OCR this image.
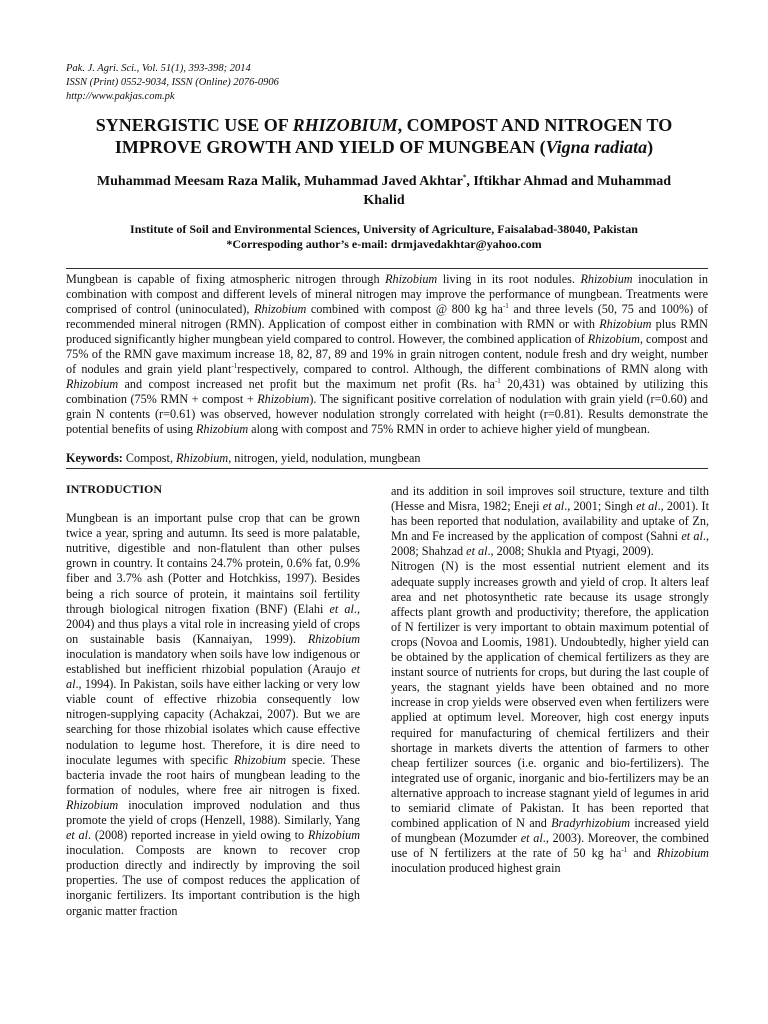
Pak. J. Agri. Sci., Vol. 51(1), 393-398; 2014
ISSN (Print) 0552-9034, ISSN (Online) 2076-0906
http://www.pakjas.com.pk
SYNERGISTIC USE OF RHIZOBIUM, COMPOST AND NITROGEN TO IMPROVE GROWTH AND YIELD OF MUNGBEAN (Vigna radiata)
Muhammad Meesam Raza Malik, Muhammad Javed Akhtar*, Iftikhar Ahmad and Muhammad Khalid
Institute of Soil and Environmental Sciences, University of Agriculture, Faisalabad-38040, Pakistan
*Correspoding author’s e-mail: drmjavedakhtar@yahoo.com

Mungbean is capable of fixing atmospheric nitrogen through Rhizobium living in its root nodules. Rhizobium inoculation in combination with compost and different levels of mineral nitrogen may improve the performance of mungbean. Treatments were comprised of control (uninoculated), Rhizobium combined with compost @ 800 kg $ha^{-1}$ and three levels (50, 75 and 100%) of recommended mineral nitrogen (RMN). Application of compost either in combination with RMN or with Rhizobium plus RMN produced significantly higher mungbean yield compared to control. However, the combined application of Rhizobium, compost and 75% of the RMN gave maximum increase 18, 82, 87, 89 and 19% in grain nitrogen content, nodule fresh and dry weight, number of nodules and grain yield plant$^{-1}$respectively, compared to control. Although, the different combinations of RMN along with Rhizobium and compost increased net profit but the maximum net profit (Rs. $ha^{-1}$ 20,431) was obtained by utilizing this combination (75% RMN + compost + Rhizobium). The significant positive correlation of nodulation with grain yield (r=0.60) and grain N contents (r=0.61) was observed, however nodulation strongly correlated with height (r=0.81). Results demonstrate the potential benefits of using Rhizobium along with compost and 75% RMN in order to achieve higher yield of mungbean.

Keywords: Compost, Rhizobium, nitrogen, yield, nodulation, mungbean

INTRODUCTION

Mungbean is an important pulse crop that can be grown twice a year, spring and autumn. Its seed is more palatable, nutritive, digestible and non-flatulent than other pulses grown in country. It contains 24.7% protein, 0.6% fat, 0.9% fiber and 3.7% ash (Potter and Hotchkiss, 1997). Besides being a rich source of protein, it maintains soil fertility through biological nitrogen fixation (BNF) (Elahi et al., 2004) and thus plays a vital role in increasing yield of crops on sustainable basis (Kannaiyan, 1999). Rhizobium inoculation is mandatory when soils have low indigenous or established but inefficient rhizobial population (Araujo et al., 1994). In Pakistan, soils have either lacking or very low viable count of effective rhizobia consequently low nitrogen-supplying capacity (Achakzai, 2007). But we are searching for those rhizobial isolates which cause effective nodulation to legume host. Therefore, it is dire need to inoculate legumes with specific Rhizobium specie. These bacteria invade the root hairs of mungbean leading to the formation of nodules, where free air nitrogen is fixed. Rhizobium inoculation improved nodulation and thus promote the yield of crops (Henzell, 1988). Similarly, Yang et al. (2008) reported increase in yield owing to Rhizobium inoculation. Composts are known to recover crop production directly and indirectly by improving the soil properties. The use of compost reduces the application of inorganic fertilizers. Its important contribution is the high organic matter fraction

and its addition in soil improves soil structure, texture and tilth (Hesse and Misra, 1982; Eneji et al., 2001; Singh et al., 2001). It has been reported that nodulation, availability and uptake of Zn, Mn and Fe increased by the application of compost (Sahni et al., 2008; Shahzad et al., 2008; Shukla and Ptyagi, 2009).

Nitrogen (N) is the most essential nutrient element and its adequate supply increases growth and yield of crop. It alters leaf area and net photosynthetic rate because its usage strongly affects plant growth and productivity; therefore, the application of N fertilizer is very important to obtain maximum potential of crops (Novoa and Loomis, 1981). Undoubtedly, higher yield can be obtained by the application of chemical fertilizers as they are instant source of nutrients for crops, but during the last couple of years, the stagnant yields have been obtained and no more increase in crop yields were observed even when fertilizers were applied at optimum level. Moreover, high cost energy inputs required for manufacturing of chemical fertilizers and their shortage in markets diverts the attention of farmers to other cheap fertilizer sources (i.e. organic and bio-fertilizers). The integrated use of organic, inorganic and bio-fertilizers may be an alternative approach to increase stagnant yield of legumes in arid to semiarid climate of Pakistan. It has been reported that combined application of N and Bradyrhizobium increased yield of mungbean (Mozumder et al., 2003). Moreover, the combined use of N fertilizers at the rate of 50 kg $ha^{-1}$ and Rhizobium inoculation produced highest grain
